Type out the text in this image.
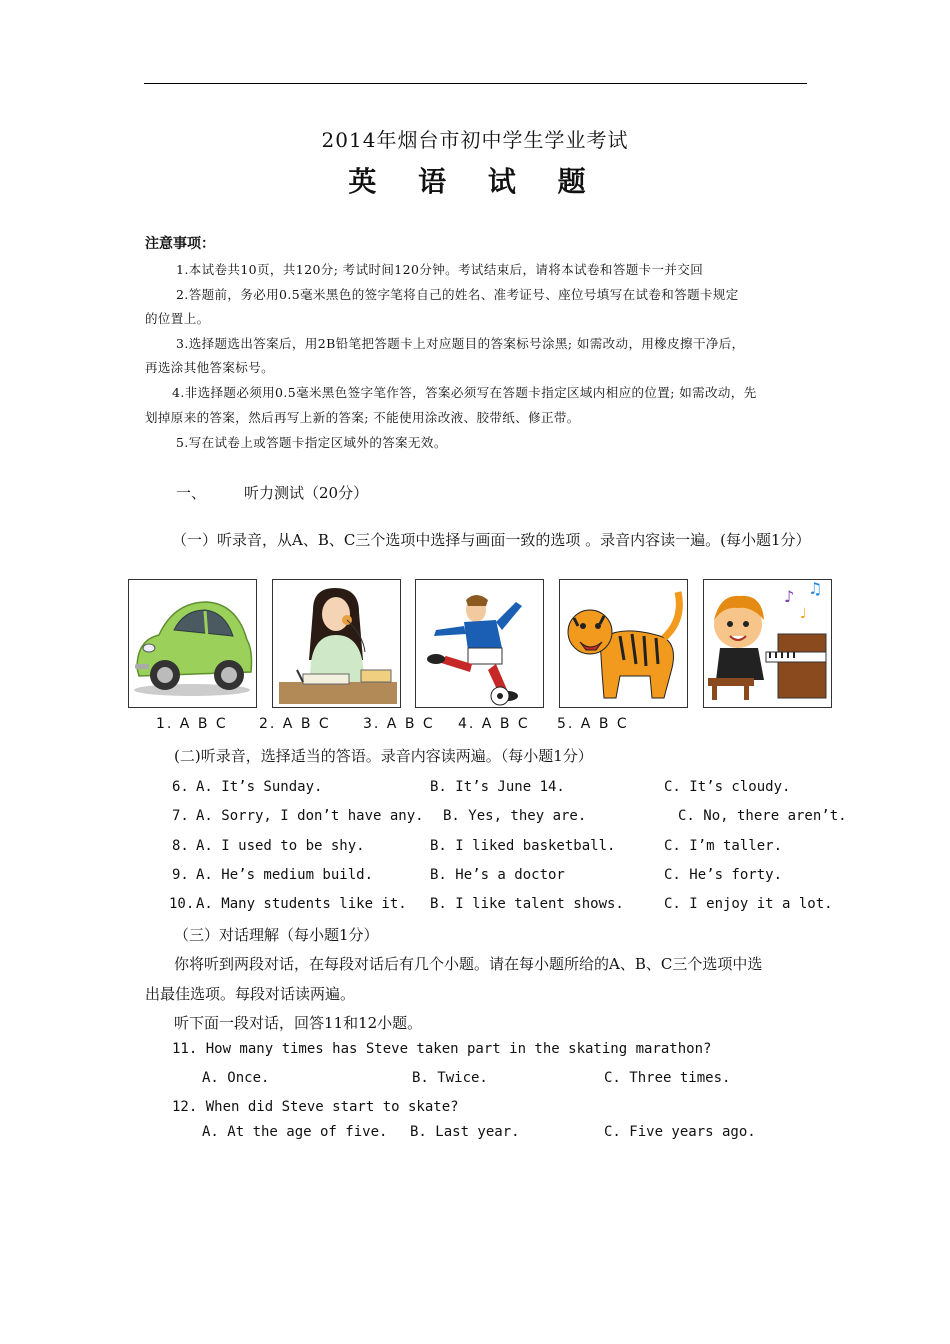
2014年烟台市初中学生学业考试
英 语 试 题
注意事项：
1.本试卷共10页，共120分; 考试时间120分钟。考试结束后，请将本试卷和答题卡一并交回
2.答题前，务必用0.5毫米黑色的签字笔将自己的姓名、准考证号、座位号填写在试卷和答题卡规定
的位置上。
3.选择题选出答案后，用2B铅笔把答题卡上对应题目的答案标号涂黑; 如需改动，用橡皮擦干净后，
再选涂其他答案标号。
4.非选择题必须用0.5毫米黑色签字笔作答，答案必须写在答题卡指定区域内相应的位置; 如需改动，先
划掉原来的答案，然后再写上新的答案; 不能使用涂改液、胶带纸、修正带。
5.写在试卷上或答题卡指定区域外的答案无效。
一、	听力测试（20分）
（一）听录音，从A、B、C三个选项中选择与画面一致的选项 。录音内容读一遍。(每小题1分）
♪ ♫
♩
1. A B C 2. A B C 3. A B C 4. A B C 5. A B C
(二)听录音，选择适当的答语。录音内容读两遍。（每小题1分）
6. A. It’s Sunday.	B. It’s June 14.	C. It’s cloudy.
7. A. Sorry, I don’t have any. B. Yes, they are.	C. No, there aren’t.
8. A. I used to be shy.	B. I liked basketball.	C. I’m taller.
9. A. He’s medium build.	B. He’s a doctor	C. He’s forty.
10. A. Many students like it. B. I like talent shows.	C. I enjoy it a lot.
（三）对话理解（每小题1分）
你将听到两段对话，在每段对话后有几个小题。请在每小题所给的A、B、C三个选项中选
出最佳选项。每段对话读两遍。
听下面一段对话，回答11和12小题。
11. How many times has Steve taken part in the skating marathon?
A. Once.	B. Twice.	C. Three times.
12. When did Steve start to skate?
A. At the age of five. B. Last year.	C. Five years ago.
